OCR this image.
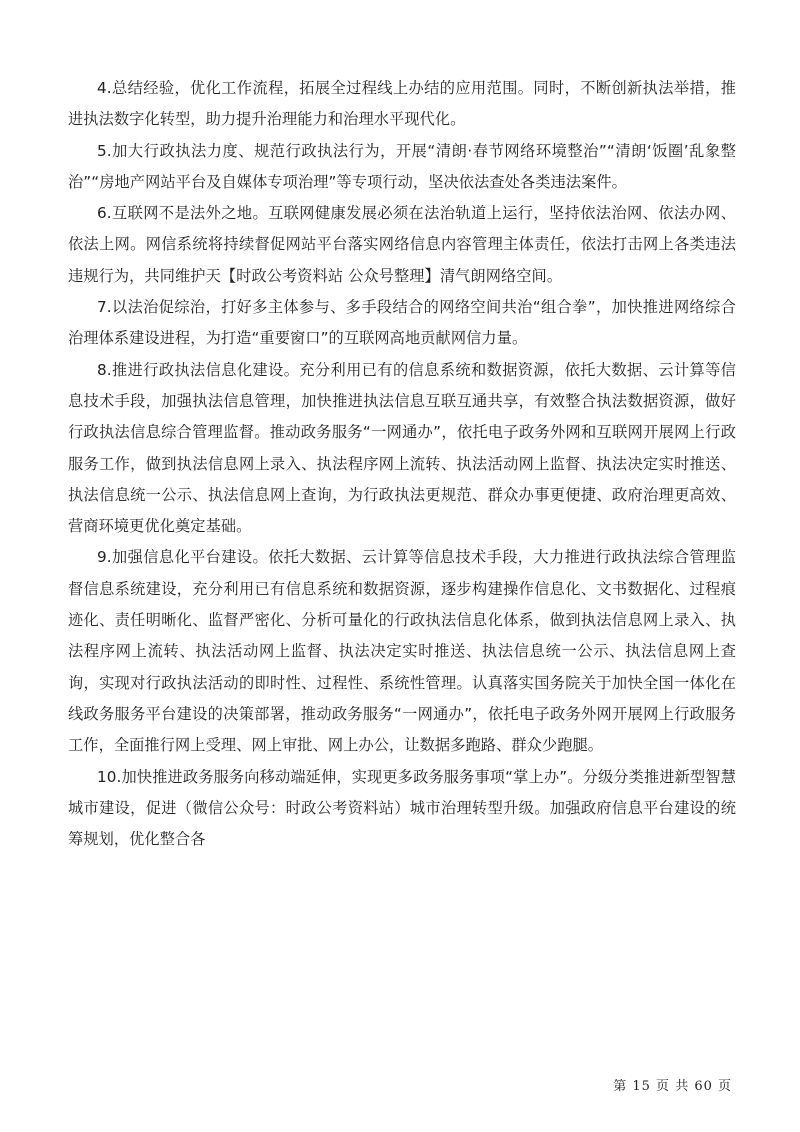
4.总结经验，优化工作流程，拓展全过程线上办结的应用范围。同时，不断创新执法举措，推进执法数字化转型，助力提升治理能力和治理水平现代化。

5.加大行政执法力度、规范行政执法行为，开展“清朗·春节网络环境整治”“清朗‘饭圈’乱象整治”“房地产网站平台及自媒体专项治理”等专项行动，坚决依法查处各类违法案件。

6.互联网不是法外之地。互联网健康发展必须在法治轨道上运行，坚持依法治网、依法办网、依法上网。网信系统将持续督促网站平台落实网络信息内容管理主体责任，依法打击网上各类违法违规行为，共同维护天【时政公考资料站 公众号整理】清气朗网络空间。

7.以法治促综治，打好多主体参与、多手段结合的网络空间共治“组合拳”，加快推进网络综合治理体系建设进程，为打造“重要窗口”的互联网高地贡献网信力量。

8.推进行政执法信息化建设。充分利用已有的信息系统和数据资源，依托大数据、云计算等信息技术手段，加强执法信息管理，加快推进执法信息互联互通共享，有效整合执法数据资源，做好行政执法信息综合管理监督。推动政务服务“一网通办”，依托电子政务外网和互联网开展网上行政服务工作，做到执法信息网上录入、执法程序网上流转、执法活动网上监督、执法决定实时推送、执法信息统一公示、执法信息网上查询，为行政执法更规范、群众办事更便捷、政府治理更高效、营商环境更优化奠定基础。

9.加强信息化平台建设。依托大数据、云计算等信息技术手段，大力推进行政执法综合管理监督信息系统建设，充分利用已有信息系统和数据资源，逐步构建操作信息化、文书数据化、过程痕迹化、责任明晰化、监督严密化、分析可量化的行政执法信息化体系，做到执法信息网上录入、执法程序网上流转、执法活动网上监督、执法决定实时推送、执法信息统一公示、执法信息网上查询，实现对行政执法活动的即时性、过程性、系统性管理。认真落实国务院关于加快全国一体化在线政务服务平台建设的决策部署，推动政务服务“一网通办”，依托电子政务外网开展网上行政服务工作，全面推行网上受理、网上审批、网上办公，让数据多跑路、群众少跑腿。

10.加快推进政务服务向移动端延伸，实现更多政务服务事项“掌上办”。分级分类推进新型智慧城市建设，促进（微信公众号：时政公考资料站）城市治理转型升级。加强政府信息平台建设的统筹规划，优化整合各

第 15 页 共 60 页
